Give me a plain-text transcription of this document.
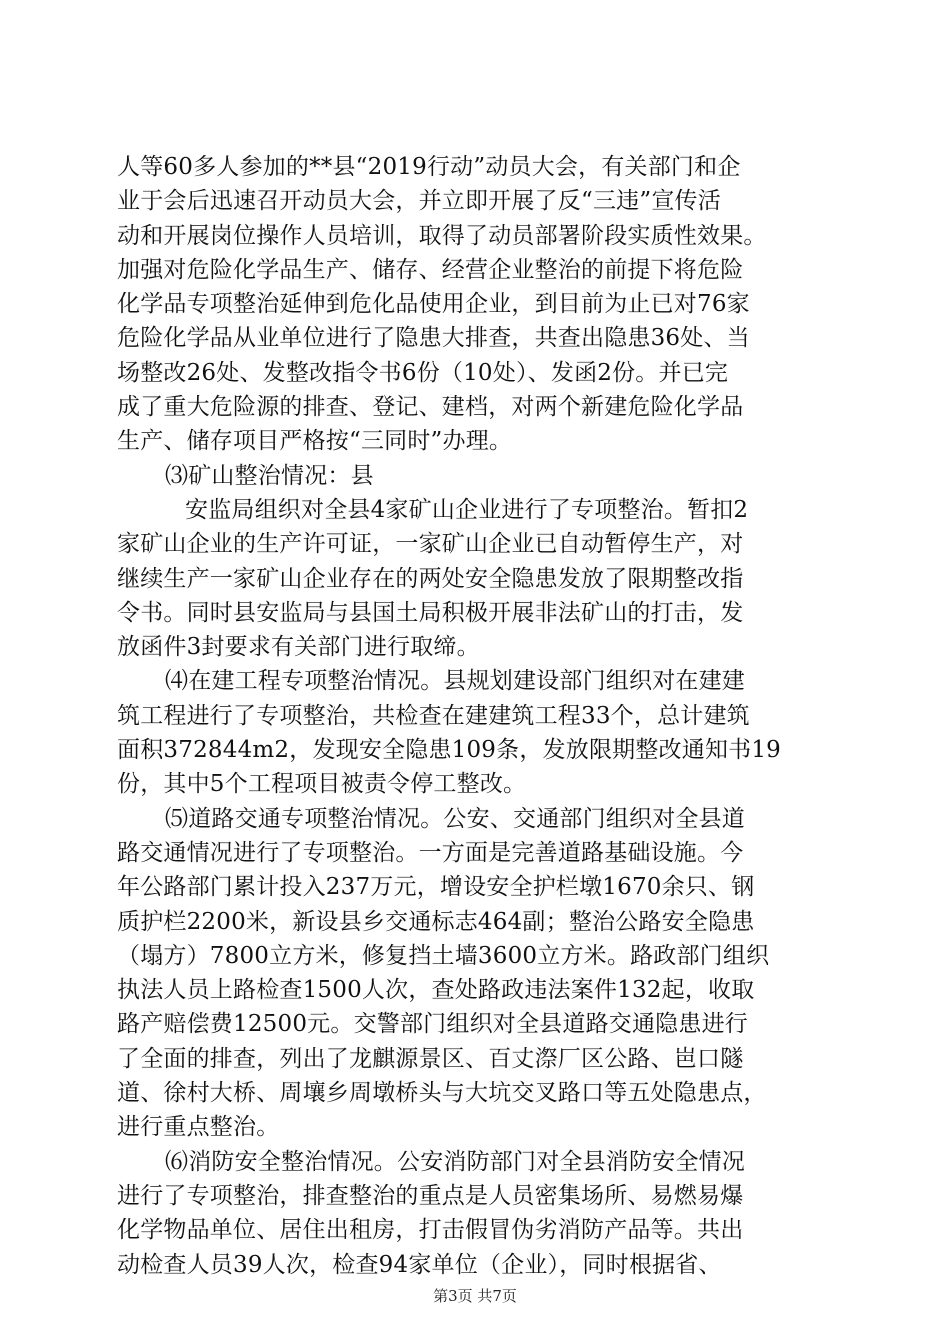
人等60多人参加的**县“2019行动”动员大会，有关部门和企
业于会后迅速召开动员大会，并立即开展了反“三违”宣传活
动和开展岗位操作人员培训，取得了动员部署阶段实质性效果。
加强对危险化学品生产、储存、经营企业整治的前提下将危险
化学品专项整治延伸到危化品使用企业，到目前为止已对76家
危险化学品从业单位进行了隐患大排查，共查出隐患36处、当
场整改26处、发整改指令书6份（10处）、发函2份。并已完
成了重大危险源的排查、登记、建档，对两个新建危险化学品
生产、储存项目严格按“三同时”办理。
⑶矿山整治情况：县
安监局组织对全县4家矿山企业进行了专项整治。暂扣2
家矿山企业的生产许可证，一家矿山企业已自动暂停生产，对
继续生产一家矿山企业存在的两处安全隐患发放了限期整改指
令书。同时县安监局与县国土局积极开展非法矿山的打击，发
放函件3封要求有关部门进行取缔。
⑷在建工程专项整治情况。县规划建设部门组织对在建建
筑工程进行了专项整治，共检查在建建筑工程33个，总计建筑
面积372844m2，发现安全隐患109条，发放限期整改通知书19
份，其中5个工程项目被责令停工整改。
⑸道路交通专项整治情况。公安、交通部门组织对全县道
路交通情况进行了专项整治。一方面是完善道路基础设施。今
年公路部门累计投入237万元，增设安全护栏墩1670余只、钢
质护栏2200米，新设县乡交通标志464副；整治公路安全隐患
（塌方）7800立方米，修复挡土墙3600立方米。路政部门组织
执法人员上路检查1500人次，查处路政违法案件132起，收取
路产赔偿费12500元。交警部门组织对全县道路交通隐患进行
了全面的排查，列出了龙麒源景区、百丈漈厂区公路、岜口隧
道、徐村大桥、周壤乡周墩桥头与大坑交叉路口等五处隐患点，
进行重点整治。
⑹消防安全整治情况。公安消防部门对全县消防安全情况
进行了专项整治，排查整治的重点是人员密集场所、易燃易爆
化学物品单位、居住出租房，打击假冒伪劣消防产品等。共出
动检查人员39人次，检查94家单位（企业），同时根据省、
第3页 共7页
